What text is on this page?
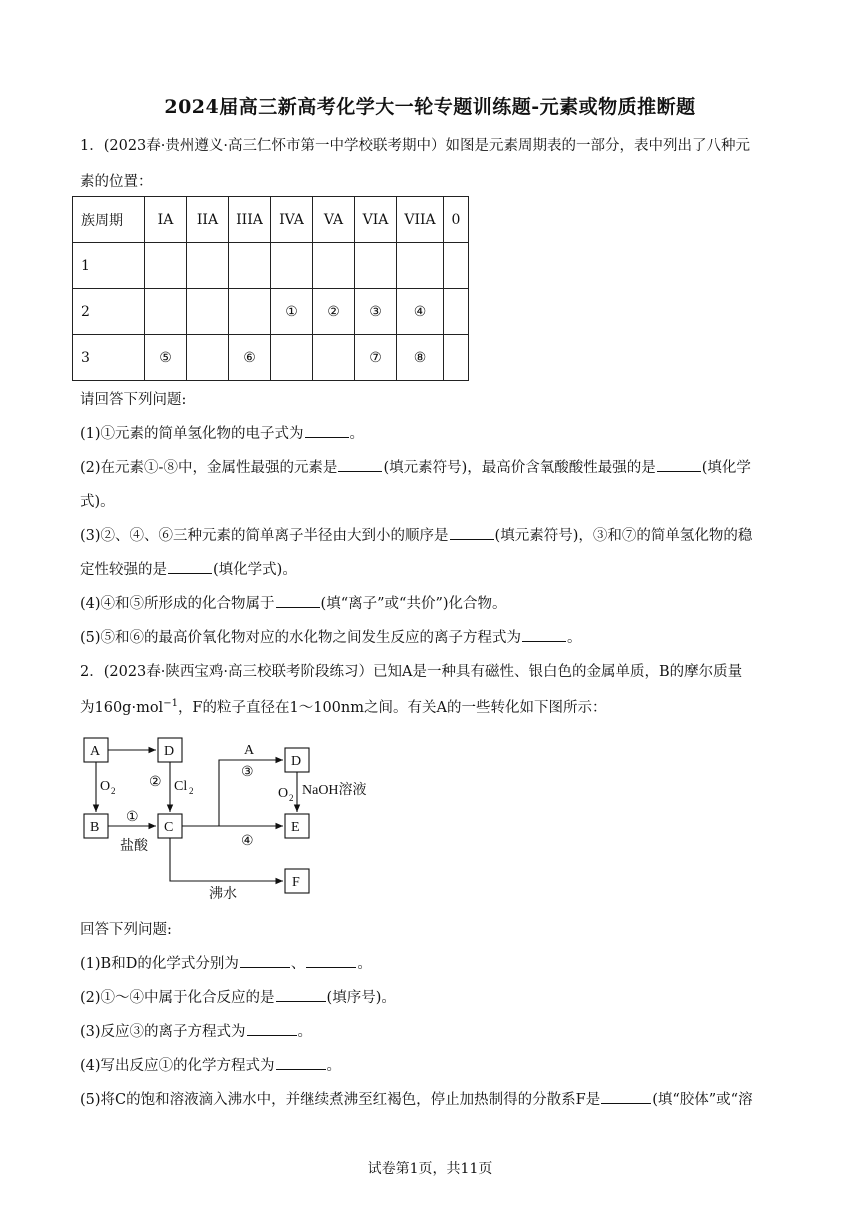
2024届高三新高考化学大一轮专题训练题-元素或物质推断题
1．(2023春·贵州遵义·高三仁怀市第一中学校联考期中）如图是元素周期表的一部分，表中列出了八种元
素的位置：
族周期	IA	IIA	IIIA	IVA	VA	VIA	VIIA	0
1								
2				①	②	③	④	
3	⑤		⑥			⑦	⑧	
请回答下列问题:
(1)①元素的简单氢化物的电子式为	。
(2)在元素①-⑧中，金属性最强的元素是	(填元素符号)，最高价含氧酸酸性最强的是	(填化学
式)。
(3)②、④、⑥三种元素的简单离子半径由大到小的顺序是	(填元素符号)，③和⑦的简单氢化物的稳
定性较强的是	(填化学式)。
(4)④和⑤所形成的化合物属于	(填“离子”或“共价”)化合物。
(5)⑤和⑥的最高价氧化物对应的水化物之间发生反应的离子方程式为	。
2．(2023春·陕西宝鸡·高三校联考阶段练习）已知A是一种具有磁性、银白色的金属单质，B的摩尔质量
为160g·mol$^{-1}$，F的粒子直径在1～100nm之间。有关A的一些转化如下图所示：
A	D
B	C
D
E
F
O 2
② Cl 2
①
盐酸
A
③
O 2 NaOH溶液
④
沸水
回答下列问题:
(1)B和D的化学式分别为	、	。
(2)①～④中属于化合反应的是	(填序号)。
(3)反应③的离子方程式为	。
(4)写出反应①的化学方程式为	。
(5)将C的饱和溶液滴入沸水中，并继续煮沸至红褐色，停止加热制得的分散系F是	(填“胶体”或“溶
试卷第1页，共11页
